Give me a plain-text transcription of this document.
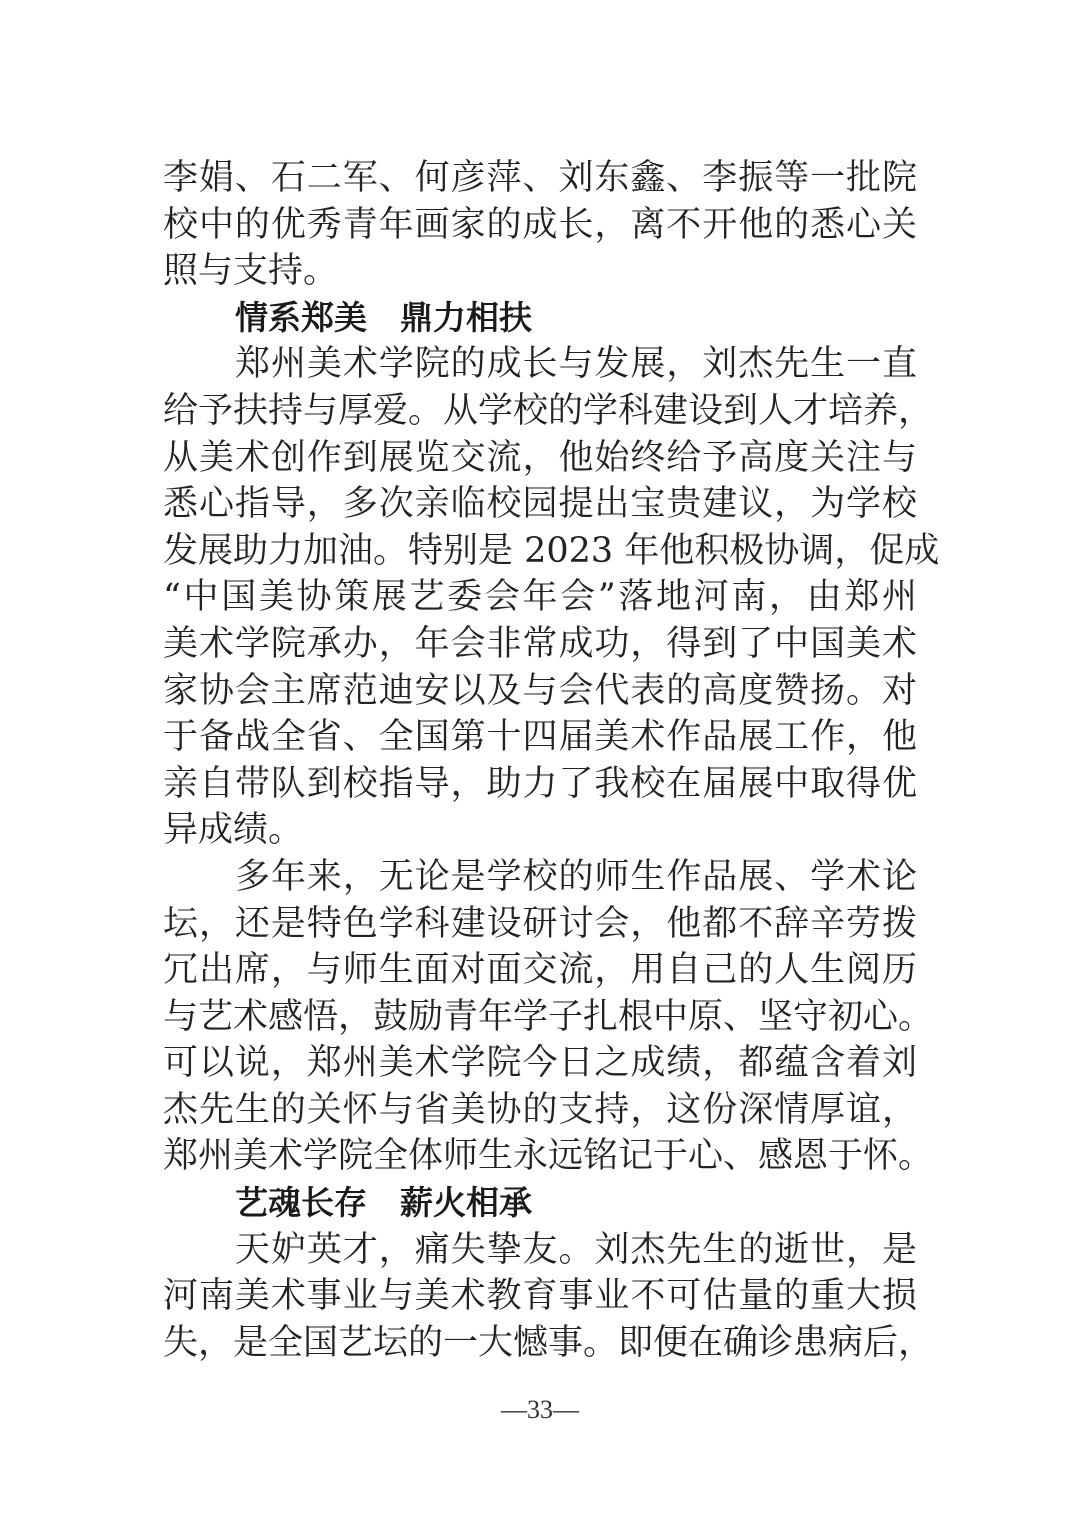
李娟、石二军、何彦萍、刘东鑫、李振等一批院
校中的优秀青年画家的成长，离不开他的悉心关
照与支持。
情系郑美　鼎力相扶
郑州美术学院的成长与发展，刘杰先生一直
给予扶持与厚爱。从学校的学科建设到人才培养，
从美术创作到展览交流，他始终给予高度关注与
悉心指导，多次亲临校园提出宝贵建议，为学校
发展助力加油。特别是 2023 年他积极协调，促成
“中国美协策展艺委会年会”落地河南，由郑州
美术学院承办，年会非常成功，得到了中国美术
家协会主席范迪安以及与会代表的高度赞扬。对
于备战全省、全国第十四届美术作品展工作，他
亲自带队到校指导，助力了我校在届展中取得优
异成绩。
多年来，无论是学校的师生作品展、学术论
坛，还是特色学科建设研讨会，他都不辞辛劳拨
冗出席，与师生面对面交流，用自己的人生阅历
与艺术感悟，鼓励青年学子扎根中原、坚守初心。
可以说，郑州美术学院今日之成绩，都蕴含着刘
杰先生的关怀与省美协的支持，这份深情厚谊，
郑州美术学院全体师生永远铭记于心、感恩于怀。
艺魂长存　薪火相承
天妒英才，痛失挚友。刘杰先生的逝世，是
河南美术事业与美术教育事业不可估量的重大损
失，是全国艺坛的一大憾事。即便在确诊患病后，
—33—
